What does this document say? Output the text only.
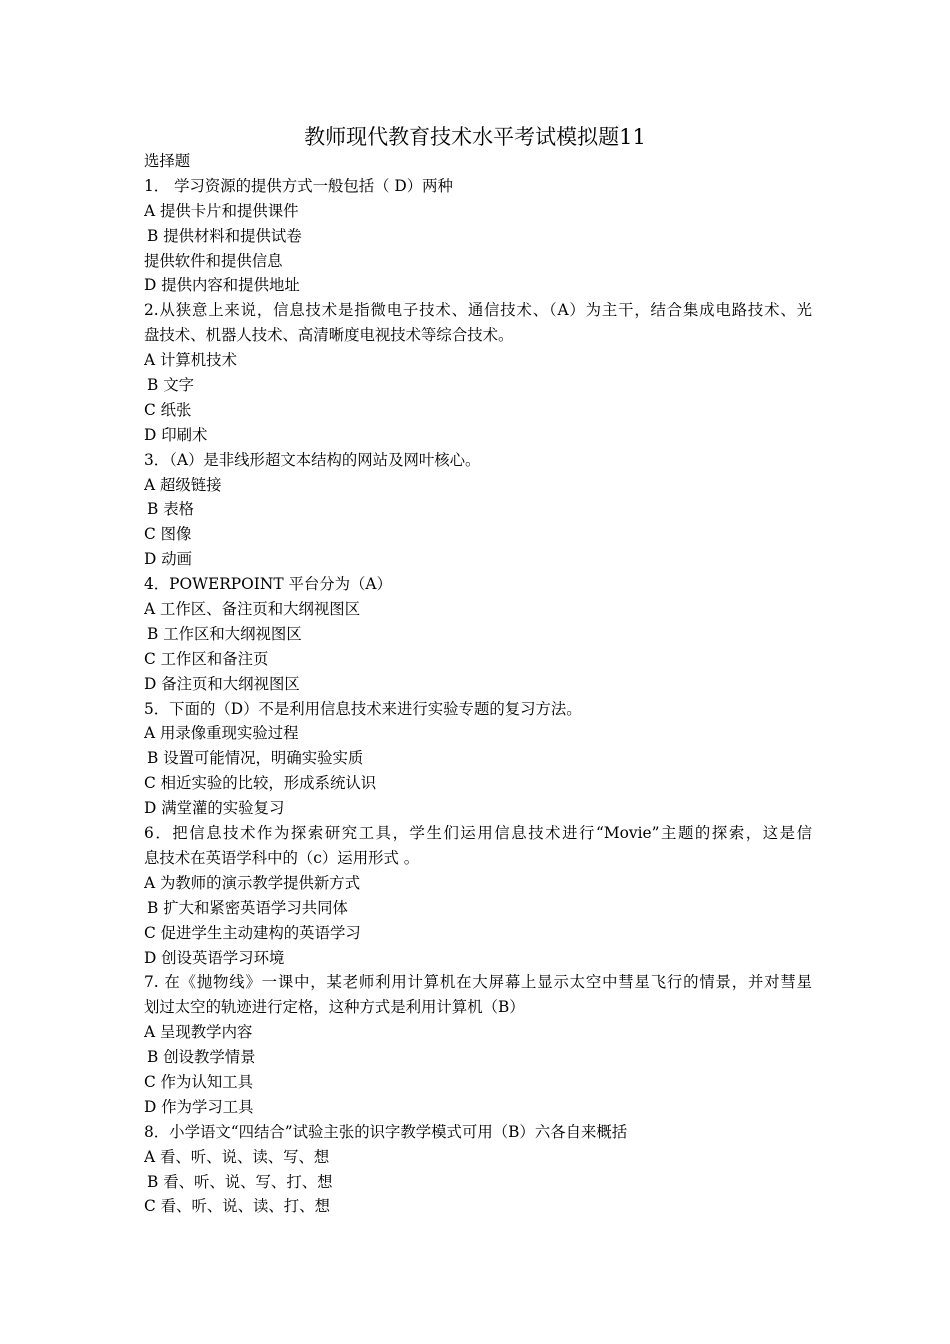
教师现代教育技术水平考试模拟题11
选择题
1． 学习资源的提供方式一般包括（ D）两种
A 提供卡片和提供课件
B 提供材料和提供试卷
提供软件和提供信息
D 提供内容和提供地址
2.从狭意上来说，信息技术是指微电子技术、通信技术、（A）为主干，结合集成电路技术、光
盘技术、机器人技术、高清晰度电视技术等综合技术。
A 计算机技术
B 文字
C 纸张
D 印刷术
3．（A）是非线形超文本结构的网站及网叶核心。
A 超级链接
B 表格
C 图像
D 动画
4．POWERPOINT 平台分为（A）
A 工作区、备注页和大纲视图区
B 工作区和大纲视图区
C 工作区和备注页
D 备注页和大纲视图区
5．下面的（D）不是利用信息技术来进行实验专题的复习方法。
A 用录像重现实验过程
B 设置可能情况，明确实验实质
C 相近实验的比较，形成系统认识
D 满堂灌的实验复习
6．把信息技术作为探索研究工具，学生们运用信息技术进行“Movie”主题的探索，这是信
息技术在英语学科中的（c）运用形式 。
A 为教师的演示教学提供新方式
B 扩大和紧密英语学习共同体
C 促进学生主动建构的英语学习
D 创设英语学习环境
7. 在《抛物线》一课中，某老师利用计算机在大屏幕上显示太空中彗星飞行的情景，并对彗星
划过太空的轨迹进行定格，这种方式是利用计算机（B）
A 呈现教学内容
B 创设教学情景
C 作为认知工具
D 作为学习工具
8．小学语文“四结合”试验主张的识字教学模式可用（B）六各自来概括
A 看、听、说、读、写、想
B 看、听、说、写、打、想
C 看、听、说、读、打、想
